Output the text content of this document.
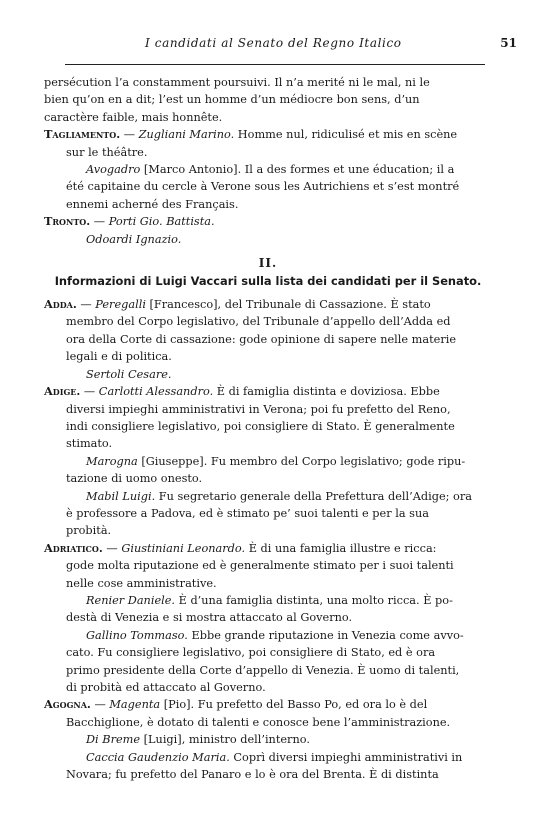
I candidati al Senato del Regno Italico	51

persécution l’a constamment poursuivi. Il n’a merité ni le mal, ni le

bien qu’on en a dit; l’est un homme d’un médiocre bon sens, d’un

caractère faible, mais honnête.

Tagliamento. — Zugliani Marino. Homme nul, ridiculisé et mis en scène

sur le théâtre.

Avogadro [Marco Antonio]. Il a des formes et une éducation; il a

été capitaine du cercle à Verone sous les Autrichiens et s’est montré

ennemi acherné des Français.

Tronto. — Porti Gio. Battista.

Odoardi Ignazio.

II.
Informazioni di Luigi Vaccari sulla lista dei candidati per il Senato.

Adda. — Peregalli [Francesco], del Tribunale di Cassazione. È stato

membro del Corpo legislativo, del Tribunale d’appello dell’Adda ed

ora della Corte di cassazione: gode opinione di sapere nelle materie

legali e di politica.

Sertoli Cesare.

Adige. — Carlotti Alessandro. È di famiglia distinta e doviziosa. Ebbe

diversi impieghi amministrativi in Verona; poi fu prefetto del Reno,

indi consigliere legislativo, poi consigliere di Stato. È generalmente

stimato.

Marogna [Giuseppe]. Fu membro del Corpo legislativo; gode ripu-

tazione di uomo onesto.

Mabil Luigi. Fu segretario generale della Prefettura dell’Adige; ora

è professore a Padova, ed è stimato pe’ suoi talenti e per la sua

probità.

Adriatico. — Giustiniani Leonardo. È di una famiglia illustre e ricca:

gode molta riputazione ed è generalmente stimato per i suoi talenti

nelle cose amministrative.

Renier Daniele. È d’una famiglia distinta, una molto ricca. È po-

destà di Venezia e si mostra attaccato al Governo.

Gallino Tommaso. Ebbe grande riputazione in Venezia come avvo-

cato. Fu consigliere legislativo, poi consigliere di Stato, ed è ora

primo presidente della Corte d’appello di Venezia. È uomo di talenti,

di probità ed attaccato al Governo.

Agogna. — Magenta [Pio]. Fu prefetto del Basso Po, ed ora lo è del

Bacchiglione, è dotato di talenti e conosce bene l’amministrazione.

Di Breme [Luigi], ministro dell’interno.

Caccia Gaudenzio Maria. Coprì diversi impieghi amministrativi in

Novara; fu prefetto del Panaro e lo è ora del Brenta. È di distinta
